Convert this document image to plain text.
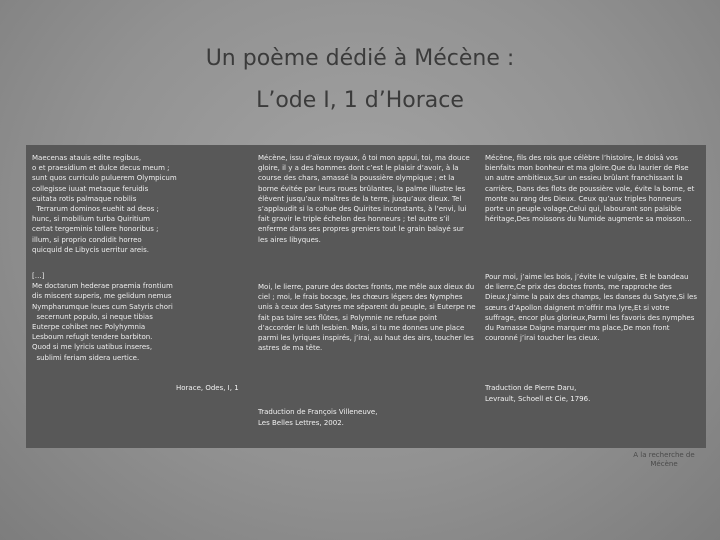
Un poème dédié à Mécène :
L’ode I, 1 d’Horace
Maecenas atauis edite regibus,
o et praesidium et dulce decus meum ;
sunt quos curriculo puluerem Olympicum
collegisse iuuat metaque feruidis
euitata rotis palmaque nobilis
Terrarum dominos euehit ad deos ;
hunc, si mobilium turba Quiritium
certat tergeminis tollere honoribus ;
illum, si proprio condidit horreo
quicquid de Libycis uerritur areis.
[…]
Me doctarum hederae praemia frontium
dis miscent superis, me gelidum nemus
Nympharumque leues cum Satyris chori
secernunt populo, si neque tibias
Euterpe cohibet nec Polyhymnia
Lesboum refugit tendere barbiton.
Quod si me lyricis uatibus inseres,
sublimi feriam sidera uertice.
Horace, Odes, I, 1
Mécène, issu d’aïeux royaux, ô toi mon appui, toi, ma douce gloire, il y a des hommes dont c’est le plaisir d’avoir, à la course des chars, amassé la poussière olympique ; et la borne évitée par leurs roues brûlantes, la palme illustre les élèvent jusqu’aux maîtres de la terre, jusqu’aux dieux. Tel s’applaudit si la cohue des Quirites inconstants, à l’envi, lui fait gravir le triple échelon des honneurs ; tel autre s’il enferme dans ses propres greniers tout le grain balayé sur les aires libyques.
Moi, le lierre, parure des doctes fronts, me mêle aux dieux du ciel ; moi, le frais bocage, les chœurs légers des Nymphes unis à ceux des Satyres me séparent du peuple, si Euterpe ne fait pas taire ses flûtes, si Polymnie ne refuse point d’accorder le luth lesbien. Mais, si tu me donnes une place parmi les lyriques inspirés, j’irai, au haut des airs, toucher les astres de ma tête.
Traduction de François Villeneuve,
Les Belles Lettres, 2002.
Mécène, fils des rois que célèbre l’histoire, le doisâ vos bienfaits mon bonheur et ma gloire.Que du laurier de Pise un autre ambitieux,Sur un essieu brûlant franchissant la carrière, Dans des flots de poussière vole, évite la borne, et monte au rang des Dieux. Ceux qu’aux triples honneurs porte un peuple volage,Celui qui, labourant son paisible héritage,Des moissons du Numide augmente sa moisson…
Pour moi, j’aime les bois, j’évite le vulgaire, Et le bandeau de lierre,Ce prix des doctes fronts, me rapproche des Dieux.J’aime la paix des champs, les danses du Satyre,Si les sœurs d’Apollon daignent m’offrir ma lyre,Et si votre suffrage, encor plus glorieux,Parmi les favoris des nymphes du Parnasse Daigne marquer ma place,De mon front couronné j’irai toucher les cieux.
Traduction de Pierre Daru,
Levrault, Schoell et Cie, 1796.
A la recherche de Mécène
